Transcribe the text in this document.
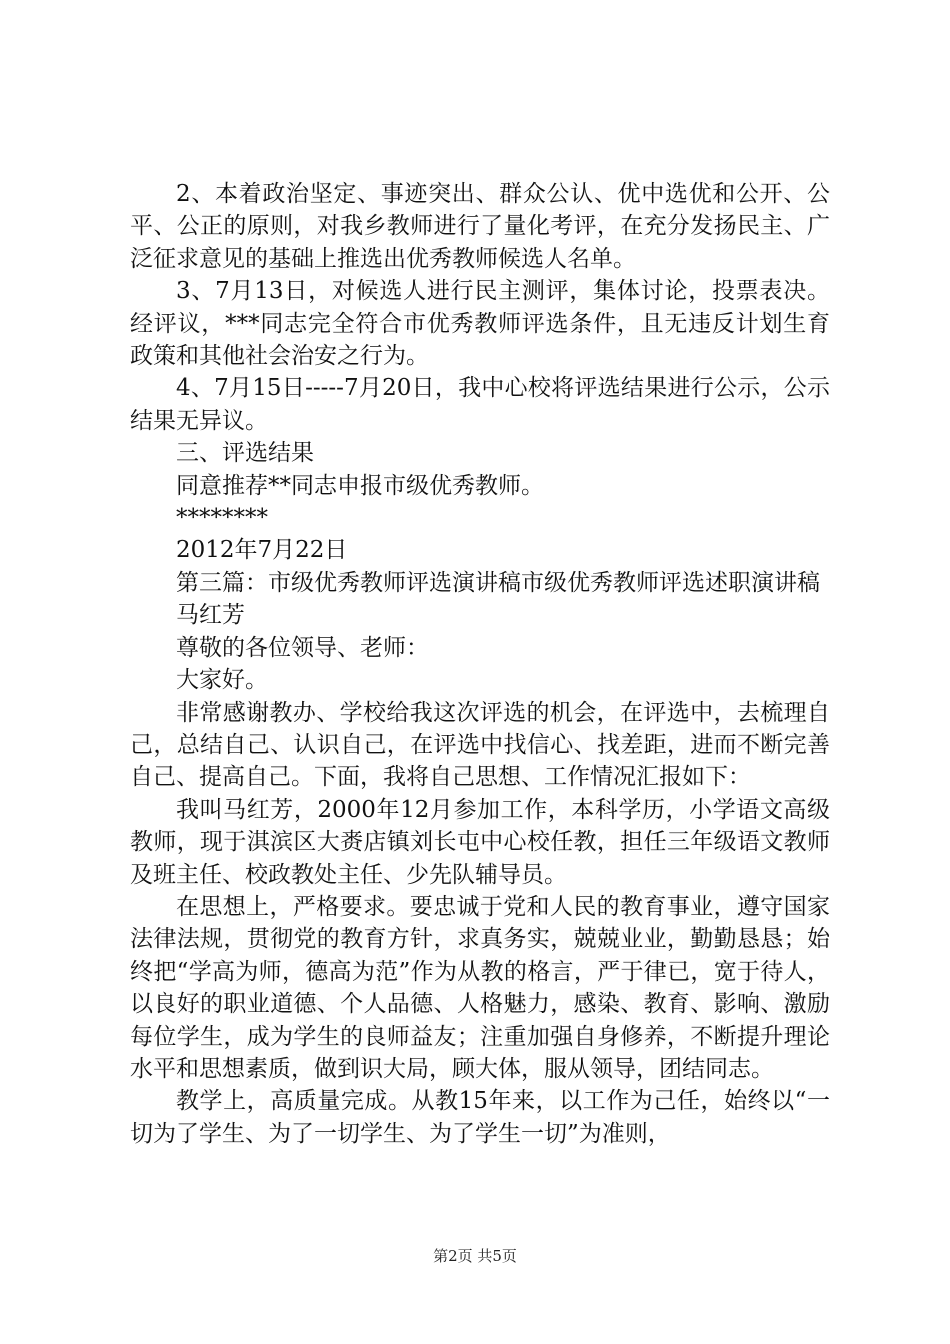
2、本着政治坚定、事迹突出、群众公认、优中选优和公开、公平、公正的原则，对我乡教师进行了量化考评，在充分发扬民主、广泛征求意见的基础上推选出优秀教师候选人名单。

3、7月13日，对候选人进行民主测评，集体讨论，投票表决。经评议，***同志完全符合市优秀教师评选条件，且无违反计划生育政策和其他社会治安之行为。

4、7月15日-----7月20日，我中心校将评选结果进行公示，公示结果无异议。

三、评选结果

同意推荐**同志申报市级优秀教师。

********

2012年7月22日

第三篇：市级优秀教师评选演讲稿市级优秀教师评选述职演讲稿

马红芳

尊敬的各位领导、老师：

大家好。

非常感谢教办、学校给我这次评选的机会，在评选中，去梳理自己，总结自己、认识自己，在评选中找信心、找差距，进而不断完善自己、提高自己。下面，我将自己思想、工作情况汇报如下：

我叫马红芳，2000年12月参加工作，本科学历，小学语文高级教师，现于淇滨区大赉店镇刘长屯中心校任教，担任三年级语文教师及班主任、校政教处主任、少先队辅导员。

在思想上，严格要求。要忠诚于党和人民的教育事业，遵守国家法律法规，贯彻党的教育方针，求真务实，兢兢业业，勤勤恳恳；始终把“学高为师，德高为范”作为从教的格言，严于律已，宽于待人，以良好的职业道德、个人品德、人格魅力，感染、教育、影响、激励每位学生，成为学生的良师益友；注重加强自身修养，不断提升理论水平和思想素质，做到识大局，顾大体，服从领导，团结同志。

教学上，高质量完成。从教15年来，以工作为己任，始终以“一切为了学生、为了一切学生、为了学生一切”为准则，

第2页 共5页
